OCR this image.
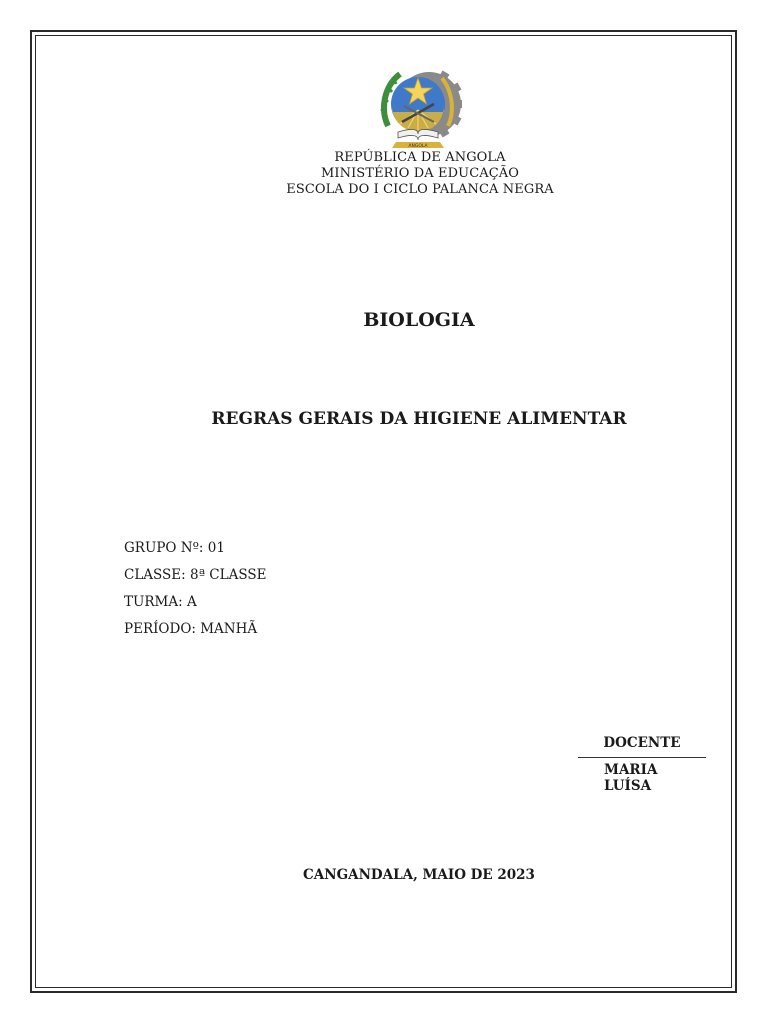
ANGOLA
REPÚBLICA DE ANGOLA
MINISTÉRIO DA EDUCAÇÃO
ESCOLA DO I CICLO PALANCA NEGRA
BIOLOGIA
REGRAS GERAIS DA HIGIENE ALIMENTAR
GRUPO Nº: 01
CLASSE: 8ª CLASSE
TURMA: A
PERÍODO: MANHÃ
DOCENTE
MARIA LUÍSA
CANGANDALA, MAIO DE 2023
